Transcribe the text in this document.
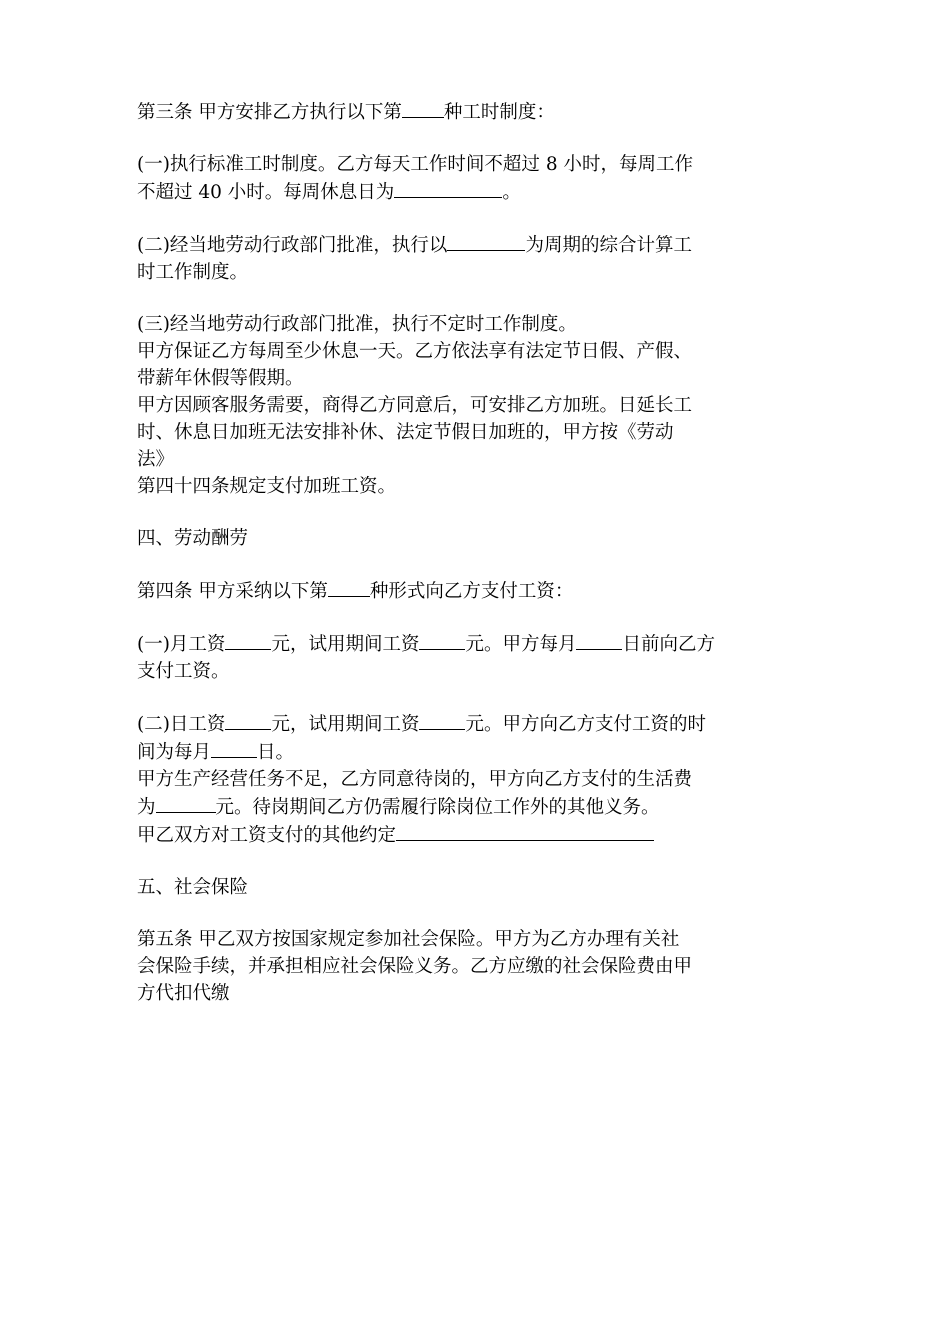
第三条 甲方安排乙方执行以下第 种工时制度：
(一)执行标准工时制度。乙方每天工作时间不超过 8 小时，每周工作
不超过 40 小时。每周休息日为	。
(二)经当地劳动行政部门批准，执行以	为周期的综合计算工
时工作制度。
(三)经当地劳动行政部门批准，执行不定时工作制度。
甲方保证乙方每周至少休息一天。乙方依法享有法定节日假、产假、
带薪年休假等假期。
甲方因顾客服务需要，商得乙方同意后，可安排乙方加班。日延长工
时、休息日加班无法安排补休、法定节假日加班的，甲方按《劳动
法》
第四十四条规定支付加班工资。
四、劳动酬劳
第四条 甲方采纳以下第 种形式向乙方支付工资：
(一)月工资 元，试用期间工资 元。甲方每月 日前向乙方
支付工资。
(二)日工资 元，试用期间工资 元。甲方向乙方支付工资的时
间为每月 日。
甲方生产经营任务不足，乙方同意待岗的，甲方向乙方支付的生活费
为	元。待岗期间乙方仍需履行除岗位工作外的其他义务。
甲乙双方对工资支付的其他约定
五、社会保险
第五条 甲乙双方按国家规定参加社会保险。甲方为乙方办理有关社
会保险手续，并承担相应社会保险义务。乙方应缴的社会保险费由甲
方代扣代缴
